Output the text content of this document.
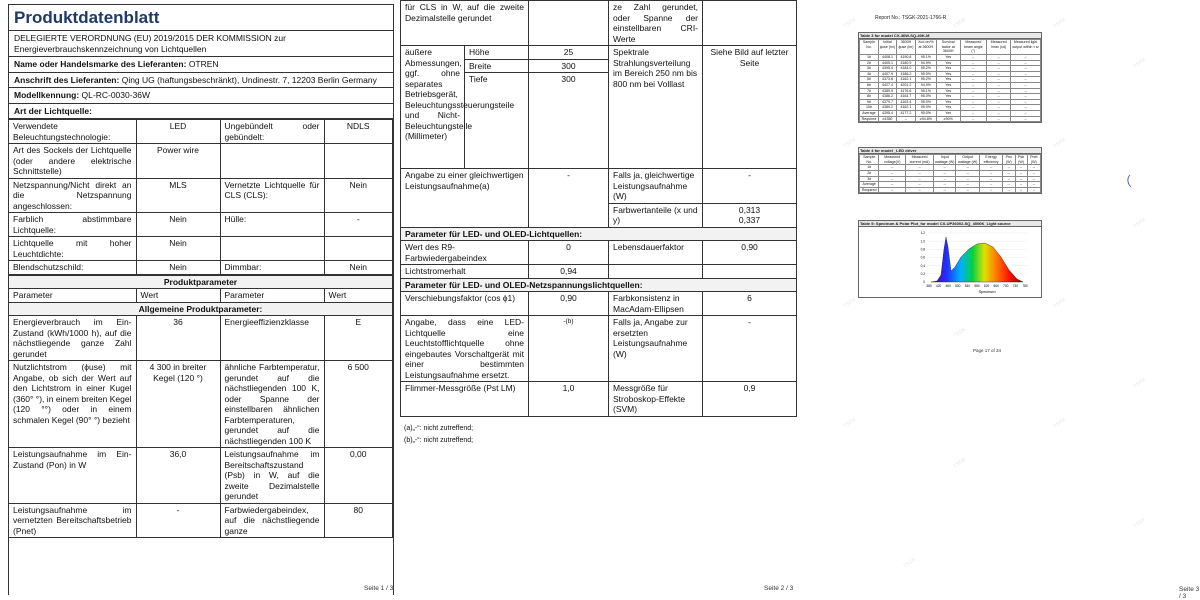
Produktdatenblatt
DELEGIERTE VERORDNUNG (EU) 2019/2015 DER KOMMISSION zur Energieverbrauchskennzeichnung von Lichtquellen
Name oder Handelsmarke des Lieferanten: OTREN
Anschrift des Lieferanten: Qing UG (haftungsbeschränkt), Undinestr. 7, 12203 Berlin Germany
Modellkennung: QL-RC-0030-36W
Art der Lichtquelle:
Verwendete Beleuchtungstechnologie:	LED	Ungebündelt oder gebündelt:	NDLS
Art des Sockels der Lichtquelle (oder andere elektrische Schnittstelle)	Power wire		
Netzspannung/Nicht direkt an die Netzspannung angeschlossen:	MLS	Vernetzte Lichtquelle für CLS (CLS):	Nein
Farblich abstimmbare Lichtquelle:	Nein	Hülle:	-
Lichtquelle mit hoher Leuchtdichte:	Nein		
Blendschutzschild:	Nein	Dimmbar:	Nein
Produktparameter			
Parameter	Wert	Parameter	Wert
Allgemeine Produktparameter:			
Energieverbrauch im Ein-Zustand (kWh/1000 h), auf die nächstliegende ganze Zahl gerundet	36	Energieeffizienzklasse	E
Nutzlichtstrom (ϕuse) mit Angabe, ob sich der Wert auf den Lichtstrom in einer Kugel (360° °), in einem breiten Kegel (120 °°) oder in einem schmalen Kegel (90° °) bezieht	4 300 in breiter Kegel (120 °)	ähnliche Farbtemperatur, gerundet auf die nächstliegenden 100 K, oder Spanne der einstellbaren ähnlichen Farbtemperaturen, gerundet auf die nächstliegenden 100 K	6 500
Leistungsaufnahme im Ein-Zustand (Pon) in W	36,0	Leistungsaufnahme im Bereitschaftszustand (Psb) in W, auf die zweite Dezimalstelle gerundet	0,00
Leistungsaufnahme im vernetzten Bereitschaftsbetrieb (Pnet)	-	Farbwiedergabeindex, auf die nächstliegende ganze	80
Seite 1 / 3
für CLS in W, auf die zweite Dezimalstelle gerundet			ze Zahl gerundet, oder Spanne der einstellbaren CRI-Werte	
äußere Abmessungen, ggf. ohne separates Betriebsgerät, Beleuchtungssteuerungsteile und Nicht-Beleuchtungsteile (Millimeter)	Höhe	25	Spektrale Strahlungsverteilung im Bereich 250 nm bis 800 nm bei Volllast	Siehe Bild auf letzter Seite
	Breite	300		
	Tiefe	300		
Angabe zu einer gleichwertigen Leistungsaufnahme(a)		-	Falls ja, gleichwertige Leistungsaufnahme (W)	-
			Farbwertanteile (x und y)	0,313
0,337
Parameter für LED- und OLED-Lichtquellen:				
Wert des R9-Farbwiedergabeindex		0	Lebensdauerfaktor	0,90
Lichtstromerhalt		0,94		
Parameter für LED- und OLED-Netzspannungslichtquellen:				
Verschiebungsfaktor (cos ϕ1)		0,90	Farbkonsistenz in MacAdam-Ellipsen	6
Angabe, dass eine LED-Lichtquelle eine Leuchtstofflichtquelle ohne eingebautes Vorschaltgerät mit einer bestimmten Leistungsaufnahme ersetzt.		-(b)	Falls ja, Angabe zur ersetzten Leistungsaufnahme (W)	-
Flimmer-Messgröße (Pst LM)		1,0	Messgröße für Stroboskop-Effekte (SVM)	0,9
(a)„-“: nicht zutreffend;
(b)„-“: nicht zutreffend;
Seite 2 / 3
Report No.: TSGK-2021-1766-R
Table 3 for model CX-36W-SQ-40K-M
Sample No.	Initial ϕuse (lm)	3600H ϕuse (lm)	Xcd on/% at 3600H	Survival factor at 3600H	Measured beam angle (°)	Measured Imax (cd)	Measured light output within τ sr
1#	4408.1	4190.8	95.1%	Yes	--	--	--
2#	4405.1	4180.9	94.9%	Yes	--	--	--
3#	4395.4	4184.0	95.2%	Yes	--	--	--
4#	4407.9	4186.2	95.0%	Yes	--	--	--
5#	4373.8	4162.1	95.2%	Yes	--	--	--
6#	4427.4	4201.2	94.9%	Yes	--	--	--
7#	4389.9	4176.6	95.1%	Yes	--	--	--
8#	4386.2	4164.7	95.0%	Yes	--	--	--
9#	4379.7	4163.4	95.0%	Yes	--	--	--
10#	4380.2	4162.1	95.0%	Yes	--	--	--
Average	4395.4	4177.2	95.0%	Yes	--	--	--
Required	≥4350	--	≥94.8%	≥90%	--	--	--
Table 4 for model _LED driver
Sample No.	Measured voltage(V)	Measured current (mA)	Input wattage (W)	Output wattage (W)	Energy efficiency	Pno (W)	Psb (W)	Pnet (W)
1#	--	--	--	--	--	--	--	--
2#	--	--	--	--	--	--	--	--
3#	--	--	--	--	--	--	--	--
Average	--	--	--	--	--	--	--	--
Required	--	--	--	--	--	--	--	--
Table 5: Spectrum & Polar Plot_for model CX-UP36002-SQ_4000K_Light source
1.2
1.0
0.8
0.6
0.4
0.2
0
380 420 460 500 540 580 620 660 700 740 780
Spectrum
Page 17 of 34
TSGK	TSGK	TSGK
TSGK
TSGK	TSGK
TSGK
TSGK
TSGK
TSGK
TSGK
TSGK
TSGK
TSGK
TSGK
TSGK
Seite 3 / 3
